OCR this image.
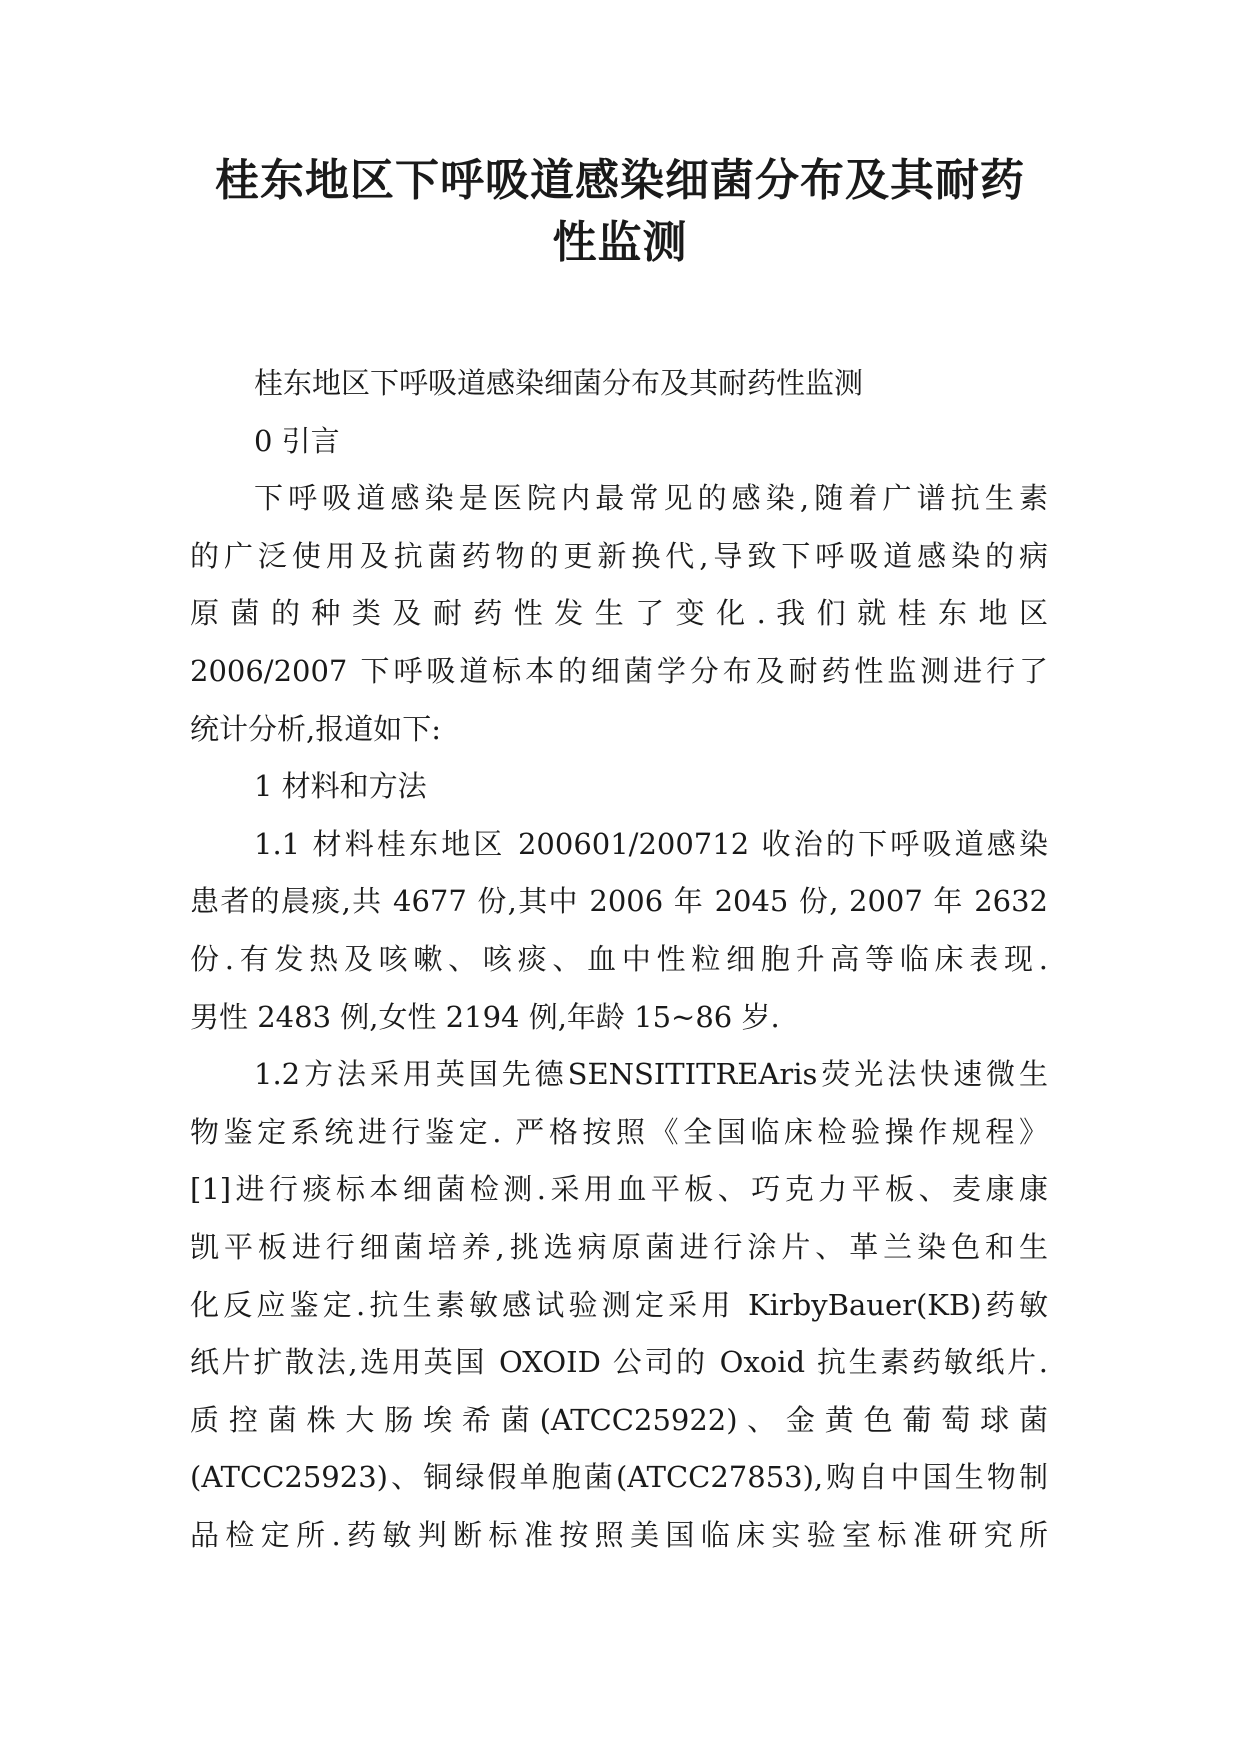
桂东地区下呼吸道感染细菌分布及其耐药
性监测
桂东地区下呼吸道感染细菌分布及其耐药性监测
0 引言
下呼吸道感染是医院内最常见的感染,随着广谱抗生素
的广泛使用及抗菌药物的更新换代,导致下呼吸道感染的病
原 菌 的 种 类 及 耐 药 性 发 生 了 变 化 . 我 们 就 桂 东 地 区
2006/2007 下呼吸道标本的细菌学分布及耐药性监测进行了
统计分析,报道如下:
1 材料和方法
1.1 材料桂东地区 200601/200712 收治的下呼吸道感染
患者的晨痰,共 4677 份,其中 2006 年 2045 份, 2007 年 2632
份.有发热及咳嗽、咳痰、血中性粒细胞升高等临床表现.
男性 2483 例,女性 2194 例,年龄 15~86 岁.
1.2方法采用英国先德SENSITITREAris荧光法快速微生
物鉴定系统进行鉴定. 严格按照《全国临床检验操作规程》
[1]进行痰标本细菌检测.采用血平板、巧克力平板、麦康康
凯平板进行细菌培养,挑选病原菌进行涂片、革兰染色和生
化反应鉴定.抗生素敏感试验测定采用 KirbyBauer(KB)药敏
纸片扩散法,选用英国 OXOID 公司的 Oxoid 抗生素药敏纸片.
质 控 菌 株 大 肠 埃 希 菌 (ATCC25922) 、 金 黄 色 葡 萄 球 菌
(ATCC25923)、铜绿假单胞菌(ATCC27853),购自中国生物制
品检定所.药敏判断标准按照美国临床实验室标准研究所
